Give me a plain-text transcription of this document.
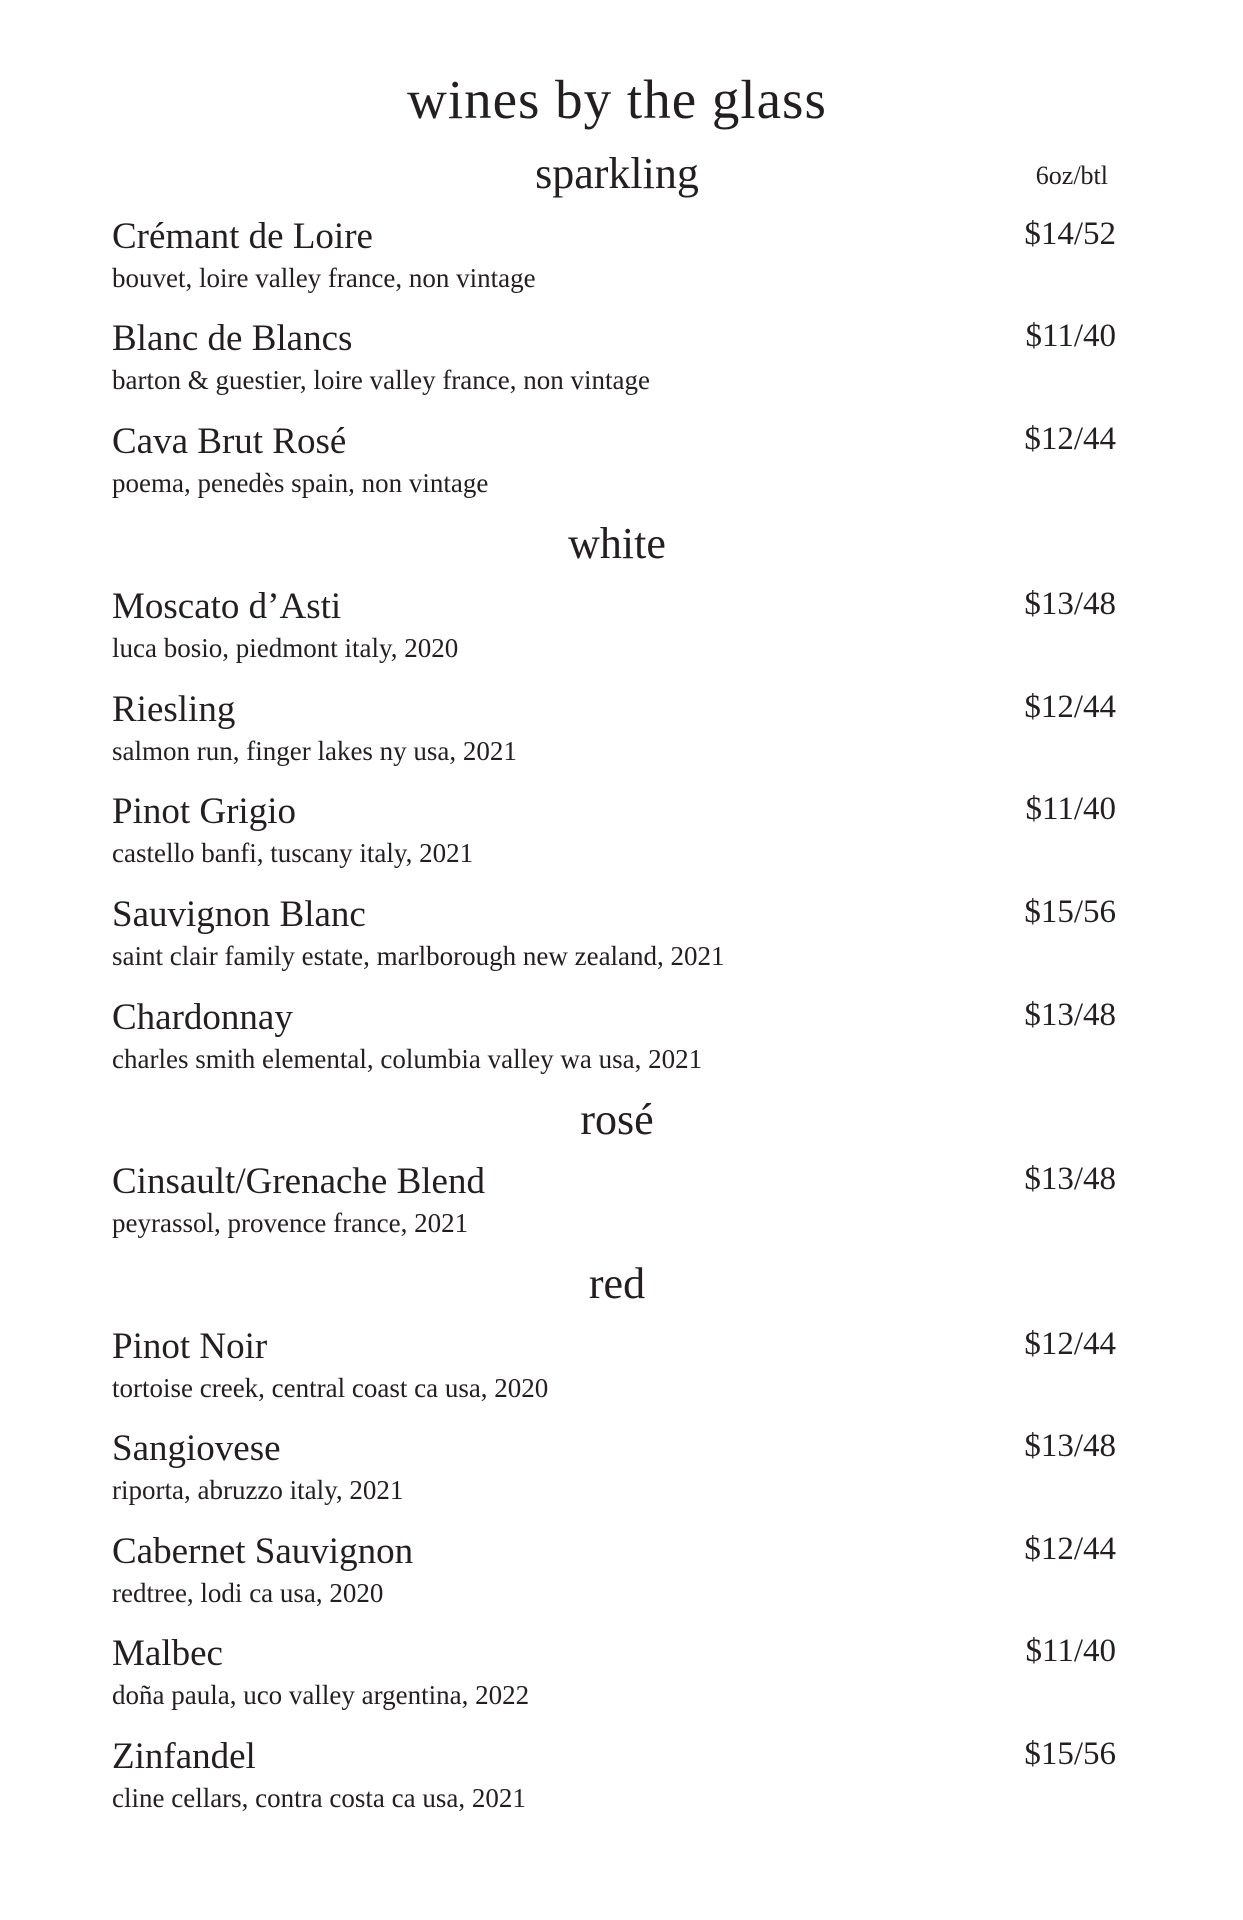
wines by the glass
6oz/btl
sparkling
Crémant de Loire	$14/52
bouvet, loire valley france, non vintage
Blanc de Blancs	$11/40
barton & guestier, loire valley france, non vintage
Cava Brut Rosé	$12/44
poema, penedès spain, non vintage
white
Moscato d’Asti	$13/48
luca bosio, piedmont italy, 2020
Riesling	$12/44
salmon run, finger lakes ny usa, 2021
Pinot Grigio	$11/40
castello banfi, tuscany italy, 2021
Sauvignon Blanc	$15/56
saint clair family estate, marlborough new zealand, 2021
Chardonnay	$13/48
charles smith elemental, columbia valley wa usa, 2021
rosé
Cinsault/Grenache Blend	$13/48
peyrassol, provence france, 2021
red
Pinot Noir	$12/44
tortoise creek, central coast ca usa, 2020
Sangiovese	$13/48
riporta, abruzzo italy, 2021
Cabernet Sauvignon	$12/44
redtree, lodi ca usa, 2020
Malbec	$11/40
doña paula, uco valley argentina, 2022
Zinfandel	$15/56
cline cellars, contra costa ca usa, 2021
